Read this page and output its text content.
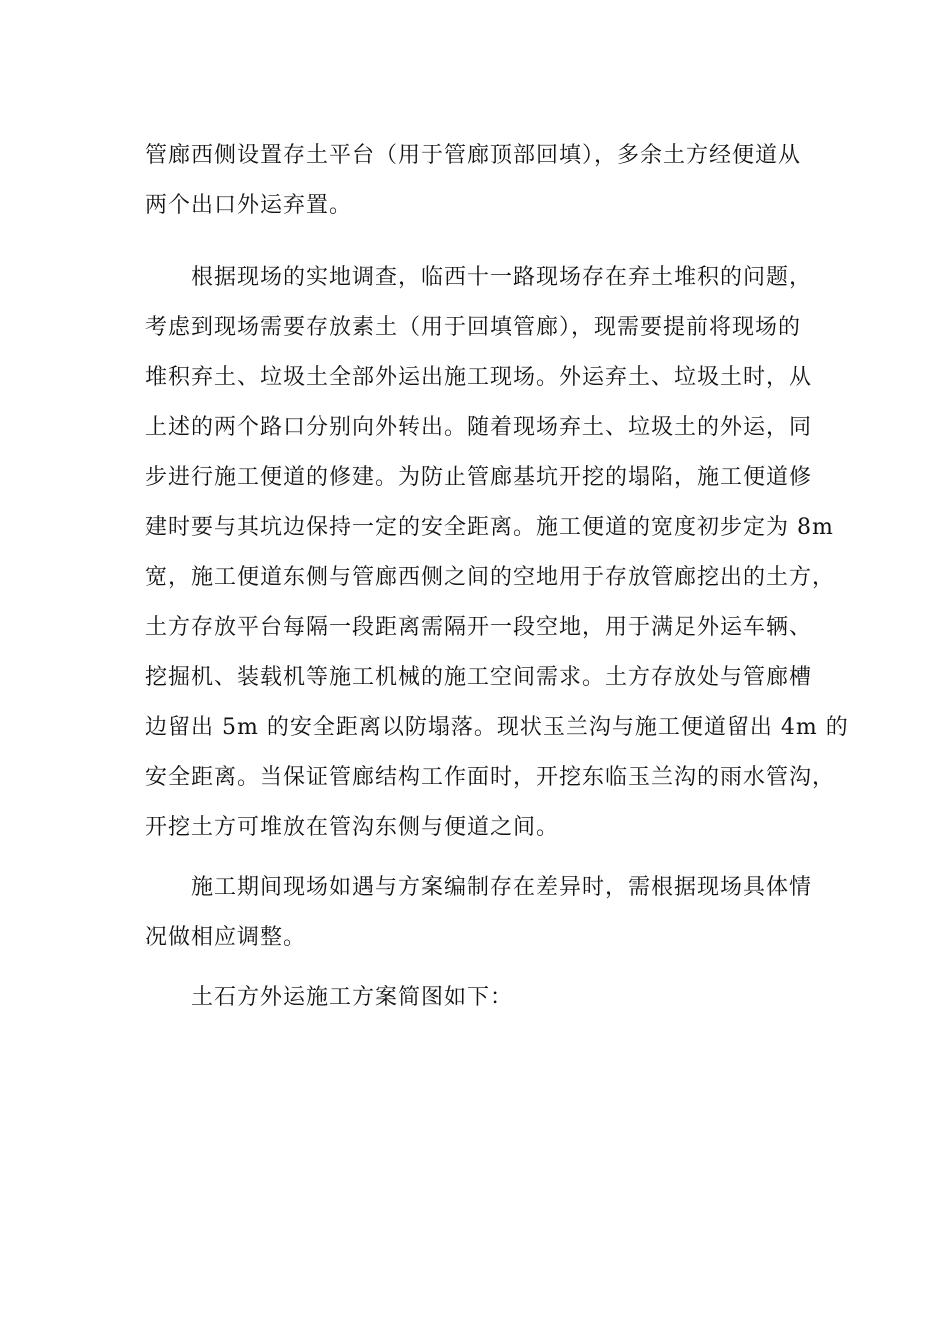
管廊西侧设置存土平台（用于管廊顶部回填），多余土方经便道从
两个出口外运弃置。
根据现场的实地调查，临西十一路现场存在弃土堆积的问题，
考虑到现场需要存放素土（用于回填管廊），现需要提前将现场的
堆积弃土、垃圾土全部外运出施工现场。外运弃土、垃圾土时，从
上述的两个路口分别向外转出。随着现场弃土、垃圾土的外运，同
步进行施工便道的修建。为防止管廊基坑开挖的塌陷，施工便道修
建时要与其坑边保持一定的安全距离。施工便道的宽度初步定为 8m
宽，施工便道东侧与管廊西侧之间的空地用于存放管廊挖出的土方，
土方存放平台每隔一段距离需隔开一段空地，用于满足外运车辆、
挖掘机、装载机等施工机械的施工空间需求。土方存放处与管廊槽
边留出 5m 的安全距离以防塌落。现状玉兰沟与施工便道留出 4m 的
安全距离。当保证管廊结构工作面时，开挖东临玉兰沟的雨水管沟，
开挖土方可堆放在管沟东侧与便道之间。
施工期间现场如遇与方案编制存在差异时，需根据现场具体情
况做相应调整。
土石方外运施工方案简图如下：
